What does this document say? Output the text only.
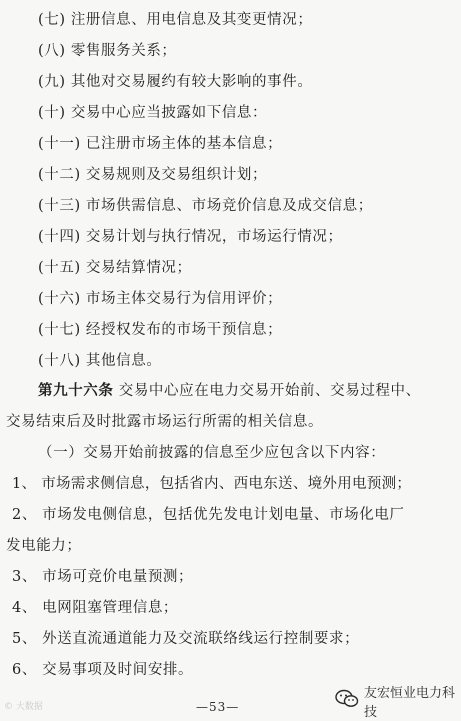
(七) 注册信息、用电信息及其变更情况；
(八) 零售服务关系；
(九) 其他对交易履约有较大影响的事件。
(十) 交易中心应当披露如下信息：
(十一) 已注册市场主体的基本信息；
(十二) 交易规则及交易组织计划；
(十三) 市场供需信息、市场竞价信息及成交信息；
(十四) 交易计划与执行情况，市场运行情况；
(十五) 交易结算情况；
(十六) 市场主体交易行为信用评价；
(十七) 经授权发布的市场干预信息；
(十八) 其他信息。
第九十六条 交易中心应在电力交易开始前、交易过程中、
交易结束后及时批露市场运行所需的相关信息。
（一）交易开始前披露的信息至少应包含以下内容：
1、 市场需求侧信息，包括省内、西电东送、境外用电预测；
2、 市场发电侧信息，包括优先发电计划电量、市场化电厂
发电能力；
3、 市场可竞价电量预测；
4、 电网阻塞管理信息；
5、 外送直流通道能力及交流联络线运行控制要求；
6、 交易事项及时间安排。
© 大数据	—53—
友宏恒业电力科技
